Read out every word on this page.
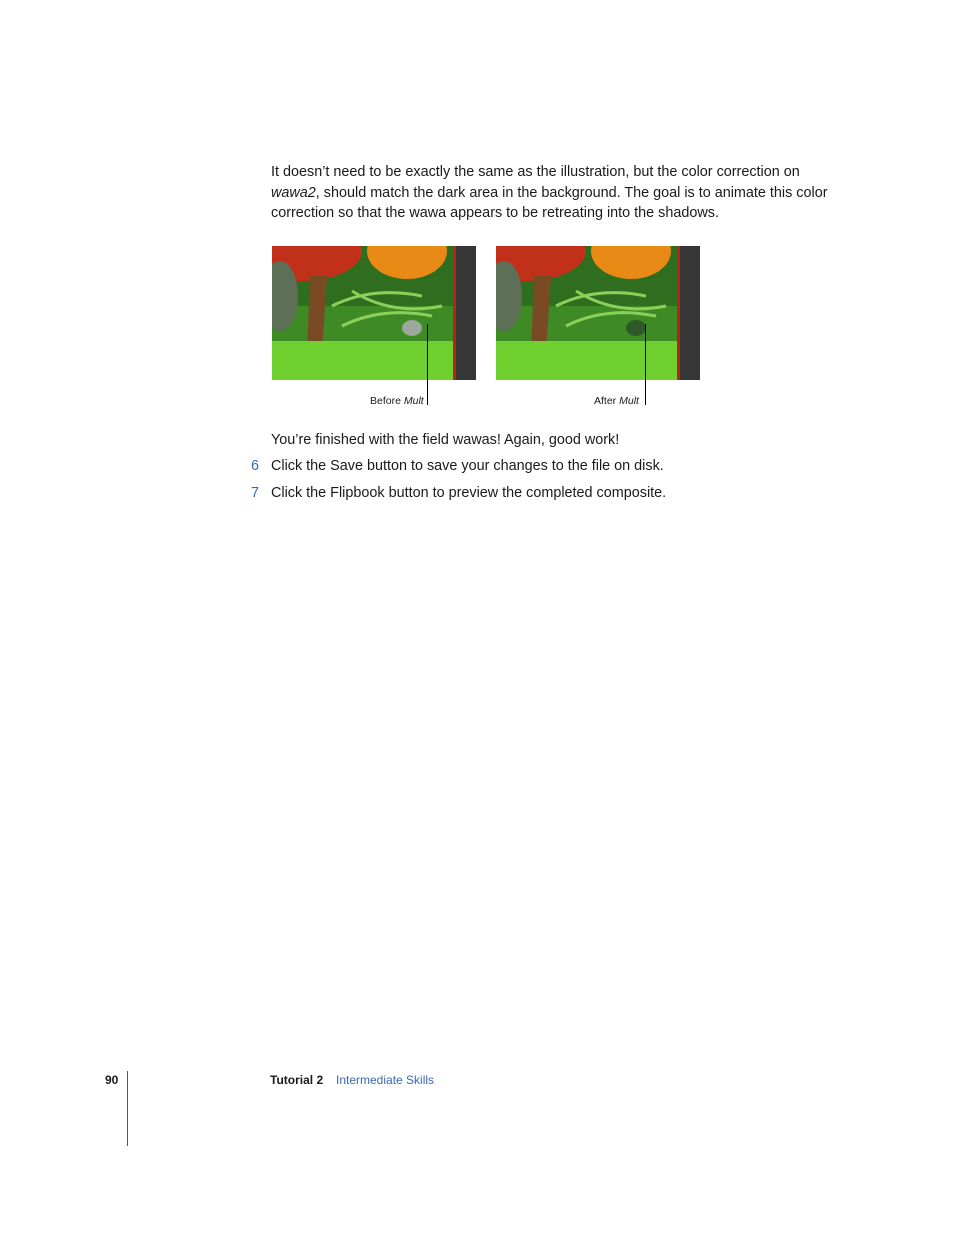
It doesn’t need to be exactly the same as the illustration, but the color correction on
wawa2, should match the dark area in the background. The goal is to animate this color correction so that the wawa appears to be retreating into the shadows.

Before Mult	After Mult

You’re finished with the field wawas! Again, good work!

6 Click the Save button to save your changes to the file on disk.

7 Click the Flipbook button to preview the completed composite.

90	Tutorial 2 Intermediate Skills
